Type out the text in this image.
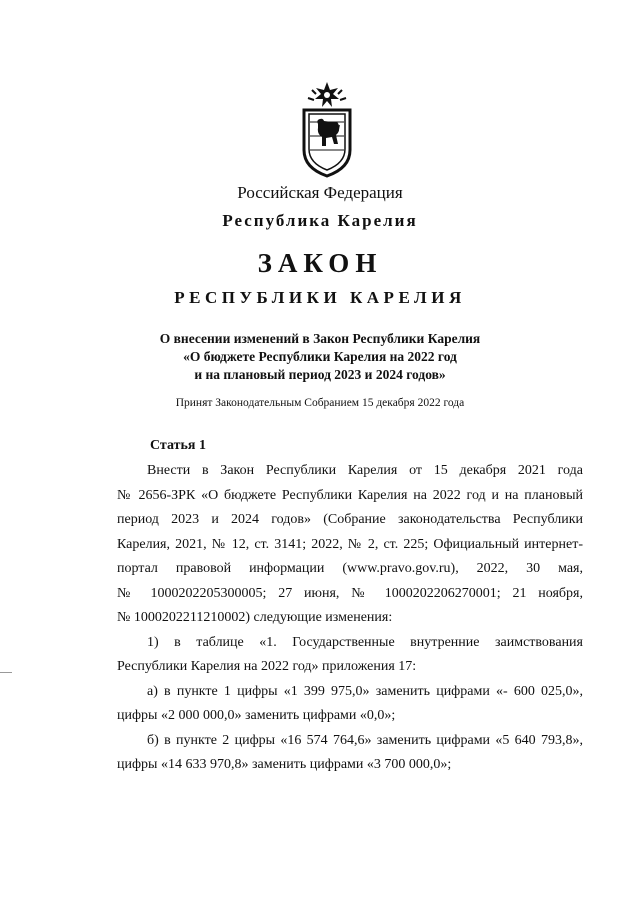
Российская Федерация
Республика Карелия
ЗАКОН
РЕСПУБЛИКИ КАРЕЛИЯ
О внесении изменений в Закон Республики Карелия
«О бюджете Республики Карелия на 2022 год
и на плановый период 2023 и 2024 годов»
Принят Законодательным Собранием 15 декабря 2022 года
Статья 1

Внести в Закон Республики Карелия от 15 декабря 2021 года

№ 2656-ЗРК «О бюджете Республики Карелия на 2022 год и на плановый

период 2023 и 2024 годов» (Собрание законодательства Республики

Карелия, 2021, № 12, ст. 3141; 2022, № 2, ст. 225; Официальный интернет-

портал правовой информации (www.pravo.gov.ru), 2022, 30 мая,

№ 1000202205300005; 27 июня, № 1000202206270001; 21 ноября,

№ 1000202211210002) следующие изменения:

1) в таблице «1. Государственные внутренние заимствования

Республики Карелия на 2022 год» приложения 17:

а) в пункте 1 цифры «1 399 975,0» заменить цифрами «- 600 025,0»,

цифры «2 000 000,0» заменить цифрами «0,0»;

б) в пункте 2 цифры «16 574 764,6» заменить цифрами «5 640 793,8»,

цифры «14 633 970,8» заменить цифрами «3 700 000,0»;
